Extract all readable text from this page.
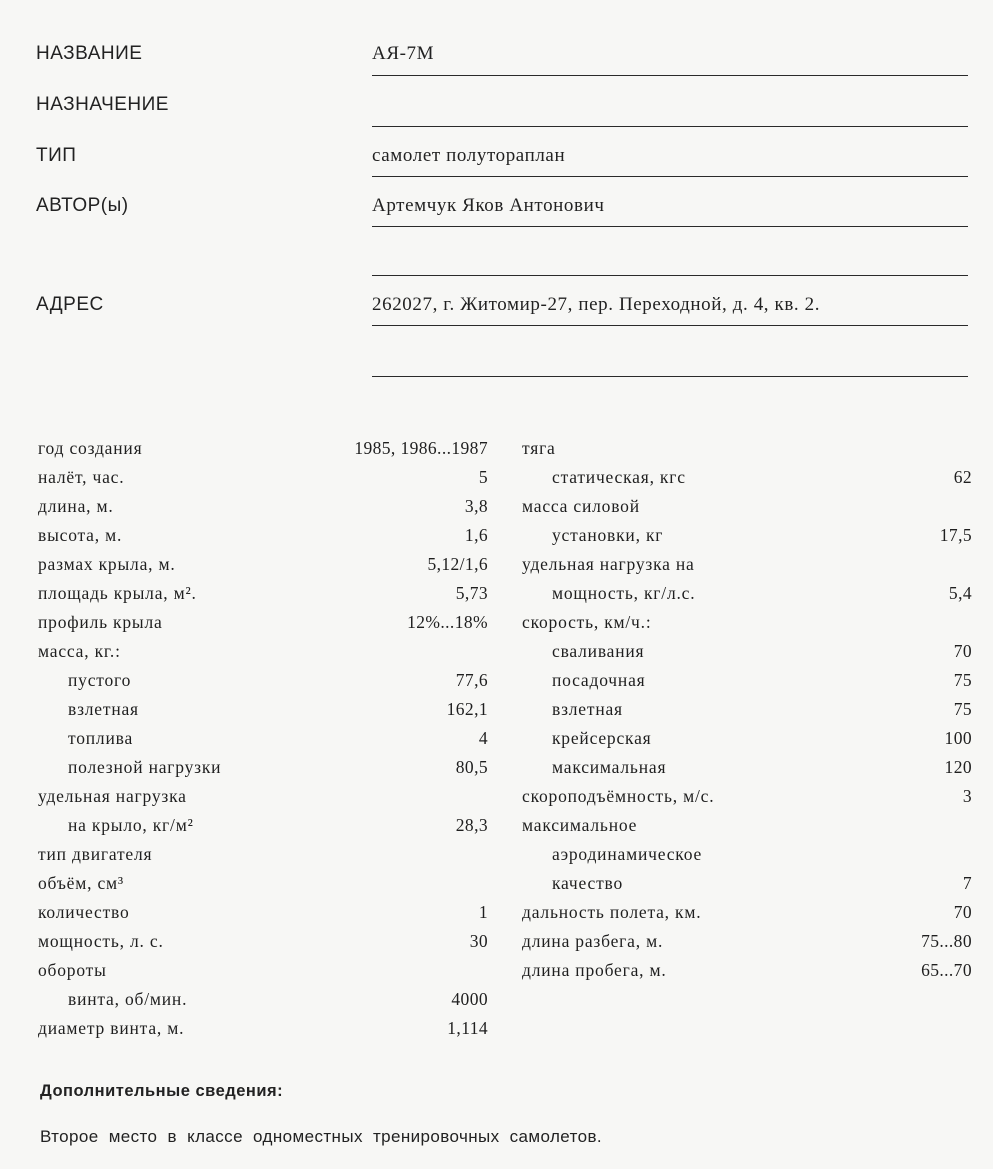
НАЗВАНИЕ	АЯ-7М
НАЗНАЧЕНИЕ
ТИП	самолет полутораплан
АВТОР(ы)	Артемчук Яков Антонович
АДРЕС	262027, г. Житомир-27, пер. Переходной, д. 4, кв. 2.
год создания	1985, 1986...1987
налёт, час.	5
длина, м.	3,8
высота, м.	1,6
размах крыла, м.	5,12/1,6
площадь крыла, м².	5,73
профиль крыла	12%...18%
масса, кг.:
пустого	77,6
взлетная	162,1
топлива	4
полезной нагрузки	80,5
удельная нагрузка
на крыло, кг/м²	28,3
тип двигателя
объём, см³
количество	1
мощность, л. с.	30
обороты
винта, об/мин.	4000
диаметр винта, м.	1,114
тяга
статическая, кгс	62
масса силовой
установки, кг	17,5
удельная нагрузка на
мощность, кг/л.с.	5,4
скорость, км/ч.:
сваливания	70
посадочная	75
взлетная	75
крейсерская	100
максимальная	120
скороподъёмность, м/с.	3
максимальное
аэродинамическое
качество	7
дальность полета, км.	70
длина разбега, м.	75...80
длина пробега, м.	65...70
Дополнительные сведения:
Второе место в классе одноместных тренировочных самолетов.
